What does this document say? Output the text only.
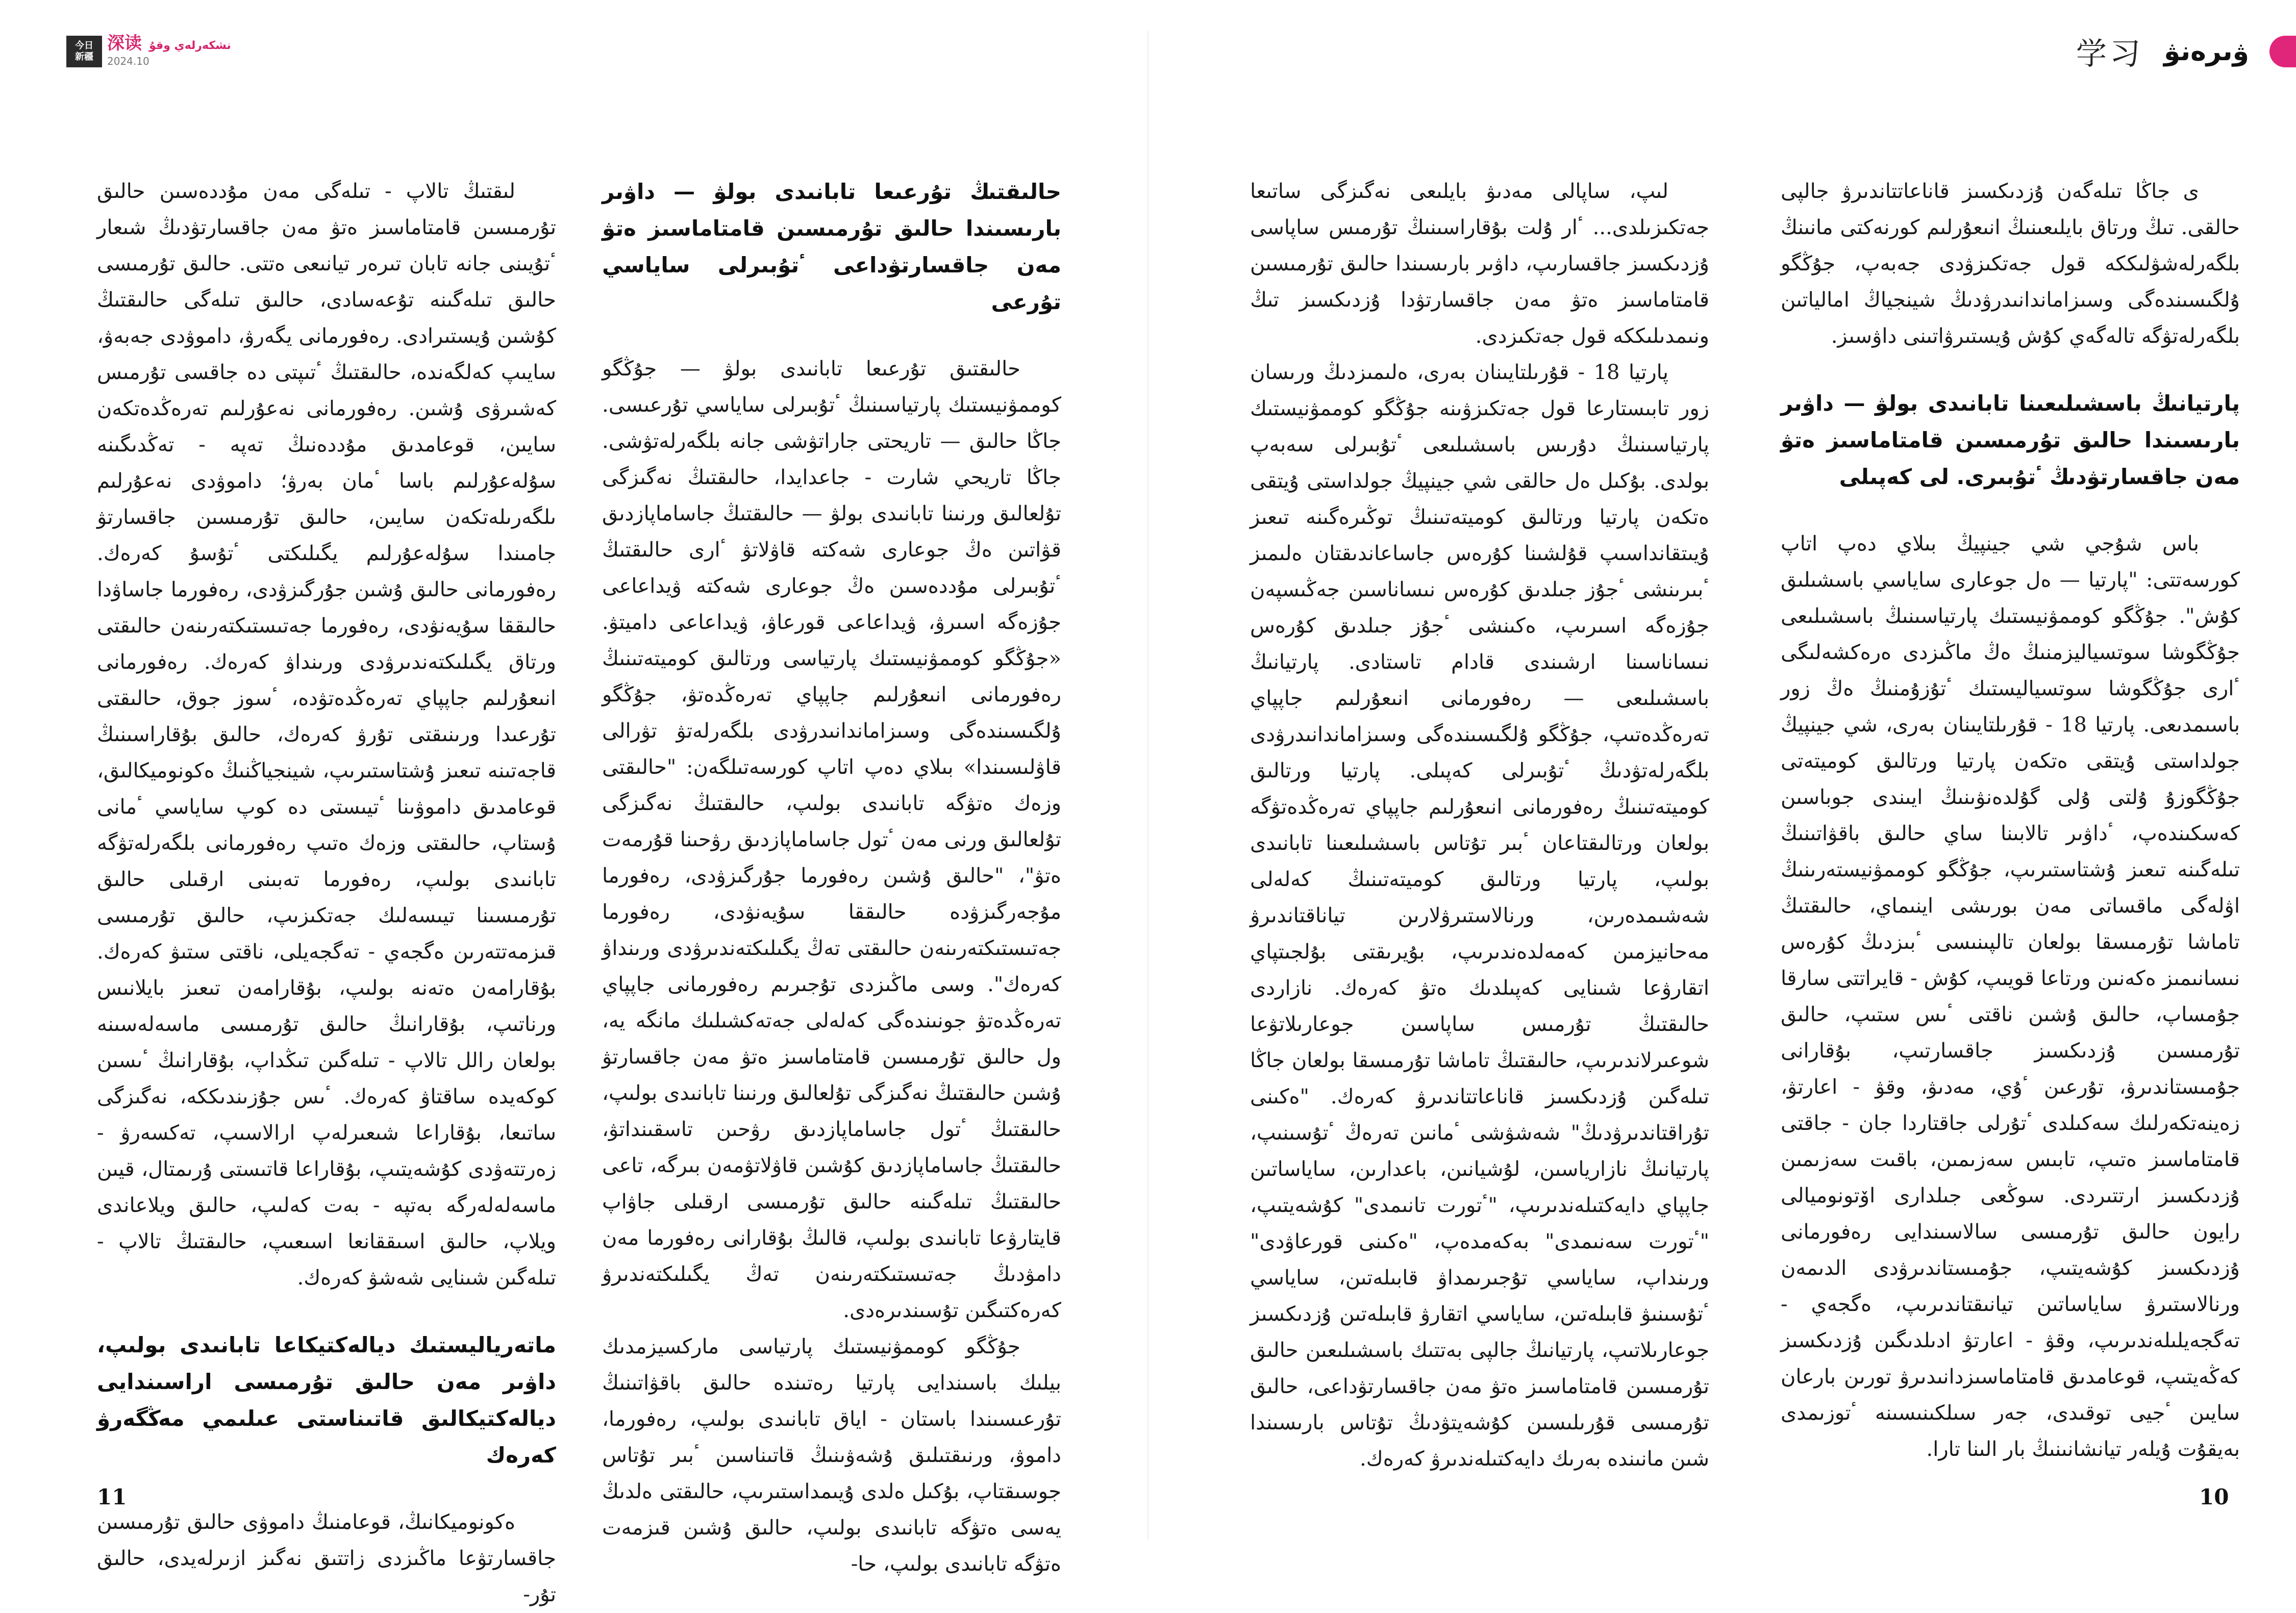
今日
新疆
深读 نشكەرلەي وقۇ
2024.10	学习 ۋىرەنۋ

ى جاڭا تىلەگەن ۇزدىكسىز قاناعاتتاندىرۋ جالپى حالقى. تىڭ ورتاق بايلىعىنىڭ انىعۇرلىم كورنەكتى مانىنڭ بلگەرلەشۋلىككە قول جەتكىزۋدى جەبەپ، جۇڭگو ۇلگىسىندەگى وسىزاماندانىدرۋدىڭ شينجياڭ امالياتىن بلگەرلەتۋگە تالەگەي كۇش ۇيستىرۋاتىنى داۋسىز.

پارتيانىڭ باسشىلىعىنا تابانىدى بولۋ — داۋىر بارىسىندا حالىق تۇرمىسىن قامتاماسىز ەتۋ مەن جاقسارتۋدىڭ ٴتۇبىرى. لى كەپىلى

باس شۇجي شي جينپيڭ بىلاي دەپ اتاپ كورسەتتى: "پارتيا — ەل جوعارى ساياسي باسشىلىق كۇش". جۇڭگو كوممۋنيستىك پارتياسىنىڭ باسشىلىعى جۇڭگوشا سوتسياليزمنىڭ ەڭ ماڭىزدى ەرەكشەلىگى ٴارى جۇڭگوشا سوتسياليستىك ٴتۇزۇمنىڭ ەڭ زور باسىمدىعى. پارتيا 18 - قۇرىلتايىنان بەرى، شي جينپيڭ جولداستى ۇيتقى ەتكەن پارتيا ورتالىق كوميتەتى جۇڭگوزۇ ۇلتى ۇلى گۇلدەنۋىنىڭ ايىندى جوباسىن كەسكىندەپ، ٴداۋىر تالابىنا ساي حالىق باقۋاتىنىڭ تىلەگىنە تىعىز ۇشتاستىرىپ، جۇڭگو كوممۋنيستەرىنىڭ اۋلەگى ماقساتى مەن بورىشى اينىماي، حالىقتىڭ تاماشا تۇرمىسقا بولعان تالپىنىسى ٴبىزدىڭ كۇرەس نىسانىمىز ەكەنىن ورتاعا قويىپ، كۇش - قايراتتى سارقا جۇمساپ، حالىق ۇشىن ناقتى ٴىس ستىپ، حالىق تۇرمىسىن ۇزدىكسىز جاقسارتىپ، بۇقارانى جۇمىستاندىرۋ، تۇرعىن ٴۇي، مەدىۋ، وقۋ - اعارتۋ، زەينەتكەرلىك سەكىلدى ٴتۇرلى جاقتاردا جان - جاقتى قامتاماسىز ەتىپ، تابىس سەزىمىن، باقىت سەزىمىن ۇزدىكسىز ارتتىردى. سوڭعى جىلدارى اۆتونوميالى رايون حالىق تۇرمىسى سالاسىندايى رەفورمانى ۇزدىكسىز كۇشەيتىپ، جۇمىستاندىرۋدى الدىمەن ورنالاستىرۋ ساياساتىن تيانىقتاندىرىپ، ەگجەي - تەگجەيلىلەندىرىپ، وقۋ - اعارتۋ ادىلدىگىن ۇزدىكسىز كەڭەيتىپ، قوعامدىق قامتاماسىزدانىدىرۋ تورىن بارعان سايىن ٴجيى توقىدى، جەر سىلكىنىسىنە ٴتوزىمدى بەيقۇت ۇيلەر تيانشانىنىڭ بار الىنا تارا.

لىپ، ساپالى مەدىۋ بايلىعى نەگىزگى ساتىعا جەتكىزىلدى... ٴار ۇلت بۇقاراسىنىڭ تۇرمىس ساپاسى ۇزدىكسىز جاقسارىپ، داۋىر بارىسىندا حالىق تۇرمىسىن قامتاماسىز ەتۋ مەن جاقسارتۋدا ۇزدىكسىز تىڭ ونىمدىلىككە قول جەتكىزدى.

پارتيا 18 - قۇرىلتايىنان بەرى، ەلىمىزدىڭ ورىسان زور تابىستارعا قول جەتكىزۋىنە جۇڭگو كوممۋنيستىك پارتياسىنىڭ دۇرىس باسشىلىعى ٴتۇبىرلى سەبەپ بولدى. بۇكىل ەل حالقى شي جينپيڭ جولداستى ۇيتقى ەتكەن پارتيا ورتالىق كوميتەتىنىڭ توڭىرەگىنە تىعىز ۇيىتقانداسىپ قۇلشىنا كۇرەس جاساعاندىقتان ەلىمىز ٴبىرىنشى ٴجۇز جىلدىق كۇرەس نىساناسىن جەڭىسپەن جۇزەگە اسىرىپ، ەكىنشى ٴجۇز جىلدىق كۇرەس نىساناسىنا ارشىندى قادام تاستادى. پارتيانىڭ باسشىلىعى — رەفورمانى انىعۇرلىم جاپپاي تەرەڭدەتىپ، جۇڭگو ۇلگىسىندەگى وسىزاماندانىدرۋدى بلگەرلەتۋدىڭ ٴتۇبىرلى كەپىلى. پارتيا ورتالىق كوميتەتىنىڭ رەفورمانى انىعۇرلىم جاپپاي تەرەڭدەتۋگە بولعان ورتالىقتاعان ٴبىر تۇتاس باسشىلىعىنا تابانىدى بولىپ، پارتيا ورتالىق كوميتەتىنىڭ كەلەلى شەشىمدەرىن، ورنالاستىرۋلارىن تياناقتاندىرۋ مەحانيزمىن كەمەلدەندىرىپ، بۇيرىقتى بۇلجىتپاي اتقارۋعا شىنايى كەپىلدىك ەتۋ كەرەك. نازاردى حالىقتىڭ تۇرمىس ساپاسىن جوعارىلاتۋعا شوعىرلاندىرىپ، حالىقتىڭ تاماشا تۇرمىسقا بولعان جاڭا تىلەگىن ۇزدىكسىز قاناعاتتاندىرۋ كەرەك. "ەكىنى تۇراقتاندىرۋدىڭ" شەشۋشى ٴمانىن تەرەڭ ٴتۇسىنىپ، پارتيانىڭ نازارياسىن، لۇشيانىن، باعدارىن، ساياساتىن جاپپاي دايەكتىلەندىرىپ، "ٴتورت تانىمدى" كۇشەيتىپ، "ٴتورت سەنىمدى" بەكەمدەپ، "ەكىنى قورعاۋدى" ورىنداپ، ساياسي تۇجىرىمداۋ قابىلەتىن، ساياسي ٴتۇسىنىۋ قابىلەتىن، ساياسي اتقارۋ قابىلەتىن ۇزدىكسىز جوعارىلاتىپ، پارتيانىڭ جالپى بەتتىك باسشىلىعىن حالىق تۇرمىسىن قامتاماسىز ەتۋ مەن جاقسارتۋداعى، حالىق تۇرمىسى قۇرىلىسىن كۇشەيتۋدىڭ تۇتاس بارىسىندا شىن مانىندە بەرىك دايەكتىلەندىرۋ كەرەك.

حالىقتىڭ تۇرعىعا تابانىدى بولۋ — داۋىر بارىسىندا حالىق تۇرمىسىن قامتاماسىز ەتۋ مەن جاقسارتۋداعى ٴتۇبىرلى ساياسي تۇرعى

حالىقتىق تۇرعىعا تابانىدى بولۋ — جۇڭگو كوممۋنيستىك پارتياسىنىڭ ٴتۇبىرلى ساياسي تۇرعىسى. جاڭا حالىق — تاريحتى جاراتۋشى جانە بلگەرلەتۋشى. جاڭا تاريحي شارت - جاعدايدا، حالىقتىڭ نەگىزگى تۇلعالىق ورنىنا تابانىدى بولۋ — حالىقتىڭ جاساماپازدىق قۋاتىن ەڭ جوعارى شەكتە قاۋلاتۋ ٴارى حالىقتىڭ ٴتۇبىرلى مۇددەسىن ەڭ جوعارى شەكتە ۋيداعاعى جۇزەگە اسىرۋ، ۋيداعاعى قورعاۋ، ۋيداعاعى داميتۋ. «جۇڭگو كوممۋنيستىك پارتياسى ورتالىق كوميتەتىنىڭ رەفورمانى انىعۇرلىم جاپپاي تەرەڭدەتۋ، جۇڭگو ۇلگىسىندەگى وسىزاماندانىدرۋدى بلگەرلەتۋ تۋرالى قاۋلىسىندا» بىلاي دەپ اتاپ كورسەتىلگەن: "حالىقتى وزەك ەتۋگە تابانىدى بولىپ، حالىقتىڭ نەگىزگى تۇلعالىق ورنى مەن ٴتول جاساماپازدىق رۋحىنا قۇرمەت ەتۋ"، "حالىق ۇشىن رەفورما جۇرگىزۋدى، رەفورما مۇجەرگىزۋدە حالىققا سۇيەنۋدى، رەفورما جەتىستىكتەرىنەن حالىقتى تەڭ يگىلىكتەندىرۋدى ورىنداۋ كەرەك". وسى ماڭىزدى تۇجىرىم رەفورمانى جاپپاي تەرەڭدەتۋ جونىندەگى كەلەلى جەتەكشىلىك مانگە يە، ول حالىق تۇرمىسىن قامتاماسىز ەتۋ مەن جاقسارتۋ ۇشىن حالىقتىڭ نەگىزگى تۇلعالىق ورنىنا تابانىدى بولىپ، حالىقتىڭ ٴتول جاساماپازدىق رۋحىن تاسقىنداتۋ، حالىقتىڭ جاساماپازدىق كۇشىن قاۋلاتۋمەن بىرگە، تاعى حالىقتىڭ تىلەگىنە حالىق تۇرمىسى ارقىلى جاۋاپ قايتارۋعا تابانىدى بولىپ، قالىڭ بۇقارانى رەفورما مەن دامۋدىڭ جەتىستىكتەرىنەن تەڭ يگىلىكتەندىرۋ كەرەكتىگىن تۇسىندىرەدى.

جۇڭگو كوممۋنيستىك پارتياسى ماركسيزمدىك بيلىك باسىندايى پارتيا رەتىندە حالىق باقۋاتىنىڭ تۇرعىسىندا باستان - اياق تابانىدى بولىپ، رەفورما، داموۋ، ورنىقتىلىق ۇشەۋىنىڭ قاتىناسىن ٴبىر تۇتاس جوسىقتاپ، بۇكىل ەلدى ۇيىمداستىرىپ، حالىقتى ەلدىڭ يەسى ەتۋگە تابانىدى بولىپ، حالىق ۇشىن قىزمەت ەتۋگە تابانىدى بولىپ، حا-

لىقتىڭ تالاپ - تىلەگى مەن مۇددەسىن حالىق تۇرمىسىن قامتاماسىز ەتۋ مەن جاقسارتۋدىڭ شىعار ٴتۇيىنى جانە تابان تىرەر تيانىعى ەتتى. حالىق تۇرمىسى حالىق تىلەگىنە تۇعەسادى، حالىق تىلەگى حالىقتىڭ كۇشىن ۇيستىرادى. رەفورمانى يگەرۋ، داموۋدى جەبەۋ، سايىپ كەلگەندە، حالىقتىڭ ٴتىپتى دە جاقسى تۇرمىس كەشىرۋى ۇشىن. رەفورمانى نەعۇرلىم تەرەڭدەتكەن سايىن، قوعامدىق مۇددەنىڭ تەپە - تەڭدىگىنە سۇلەعۇرلىم باسا ٴمان بەرۋ؛ داموۋدى نەعۇرلىم ىلگەرىلەتكەن سايىن، حالىق تۇرمىسىن جاقسارتۋ جامىندا سۇلەعۇرلىم يگىلىكتى ٴتۇسۇ كەرەك. رەفورمانى حالىق ۇشىن جۇرگىزۋدى، رەفورما جاساۋدا حالىققا سۇيەنۋدى، رەفورما جەتىستىكتەرىنەن حالىقتى ورتاق يگىلىكتەندىرۋدى ورىنداۋ كەرەك. رەفورمانى انىعۇرلىم جاپپاي تەرەڭدەتۋدە، ٴسوز جوق، حالىقتى تۇرعىدا ورىنىقتى تۇرۋ كەرەك، حالىق بۇقاراسىنىڭ قاجەتىنە تىعىز ۇشتاستىرىپ، شينجياڭنىڭ ەكونوميكالىق، قوعامدىق داموۋىنا ٴتيىستى دە كوپ ساياسي ٴمانى ۇستاپ، حالىقتى وزەك ەتىپ رەفورمانى بلگەرلەتۋگە تابانىدى بولىپ، رەفورما تەبىنى ارقىلى حالىق تۇرمىسىنا تيىسەلىك جەتكىزىپ، حالىق تۇرمىسى قىزمەتتەرىن ەگجەي - تەگجەيلى، ناقتى ستىۋ كەرەك. بۇقارامەن ەتەنە بولىپ، بۇقارامەن تىعىز بايلانىس ورناتىپ، بۇقارانىڭ حالىق تۇرمىسى ماسەلەسىنە بولعان رالل تالاپ - تىلەگىن تىڭداپ، بۇقارانىڭ ٴىسىن كوكەيدە ساقتاۋ كەرەك. ٴىس جۇزىندىككە، نەگىزگى ساتىعا، بۇقاراعا شىعىرلەپ ارالاسىپ، تەكسەرۋ - زەرتتەۋدى كۇشەيتىپ، بۇقاراعا قاتىستى ۇرىمتال، قيىن ماسەلەلەرگە بەتپە - بەت كەلىپ، حالىق ويلاعاندى ويلاپ، حالىق اسىققانعا اسىعىپ، حالىقتىڭ تالاپ - تىلەگىن شىنايى شەشۋ كەرەك.

ماتەرياليستىك ديالەكتيكاعا تابانىدى بولىپ، داۋىر مەن حالىق تۇرمىسى اراسىندايى ديالەكتيكالىق قاتىناستى عىلىمي مەڭگەرۋ كەرەك

ەكونوميكانىڭ، قوعامنىڭ داموۋى حالىق تۇرمىسىن جاقسارتۋعا ماڭىزدى زاتتىق نەگىز ازىرلەيدى، حالىق تۇر-

11	10
